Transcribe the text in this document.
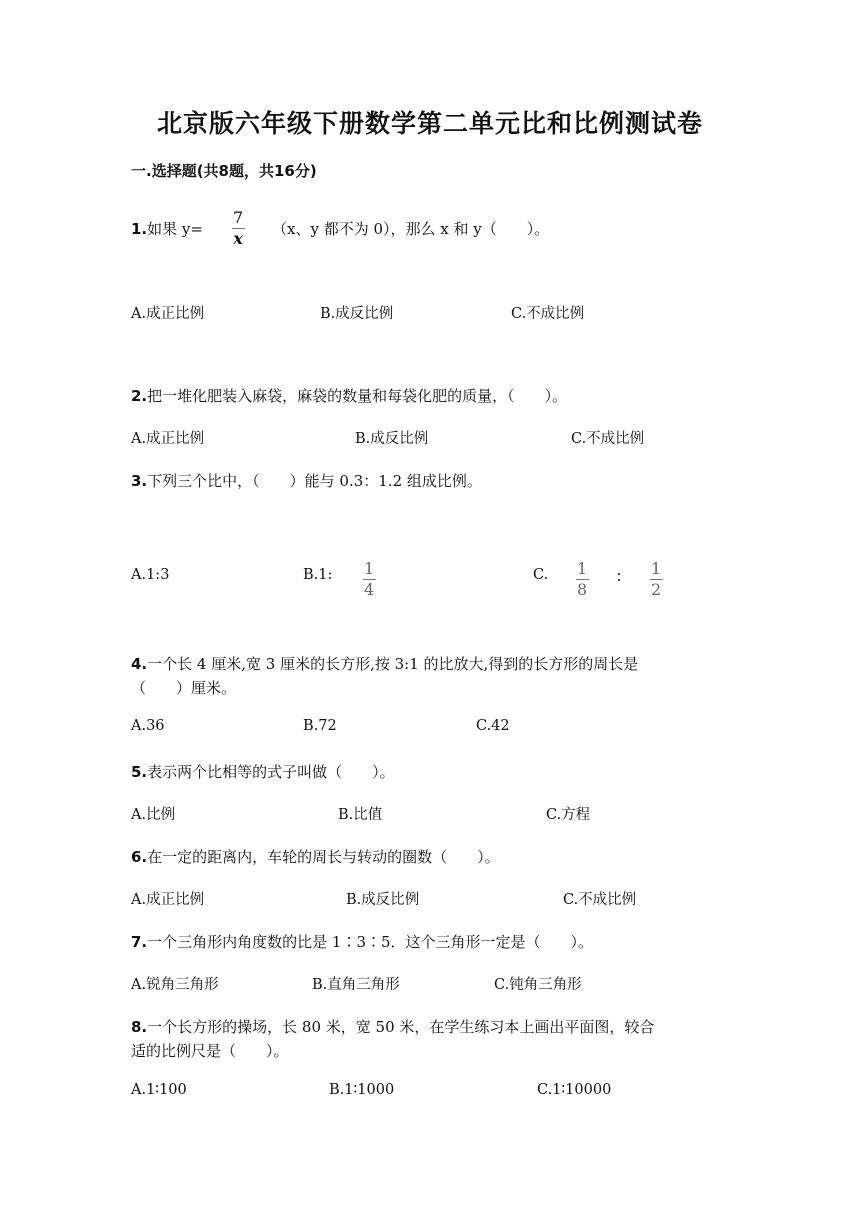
北京版六年级下册数学第二单元比和比例测试卷
一.选择题(共8题，共16分)
1.如果 y=
7
x （x、y 都不为 0），那么 x 和 y（　　）。
A.成正比例	B.成反比例	C.不成比例
2.把一堆化肥装入麻袋，麻袋的数量和每袋化肥的质量，（　　）。
A.成正比例	B.成反比例	C.不成比例
3.下列三个比中，（　　）能与 0.3：1.2 组成比例。
A.1:3	B.1: 1
4
C. 1
8
∶ 1
2
4.一个长 4 厘米,宽 3 厘米的长方形,按 3:1 的比放大,得到的长方形的周长是
（　　）厘米。
A.36	B.72	C.42
5.表示两个比相等的式子叫做（　　）。
A.比例	B.比值	C.方程
6.在一定的距离内，车轮的周长与转动的圈数（　　）。
A.成正比例	B.成反比例	C.不成比例
7.一个三角形内角度数的比是 1∶3∶5．这个三角形一定是（　　）。
A.锐角三角形	B.直角三角形	C.钝角三角形
8.一个长方形的操场，长 80 米，宽 50 米，在学生练习本上画出平面图，较合
适的比例尺是（　　）。
A.1∶100	B.1∶1000	C.1∶10000
